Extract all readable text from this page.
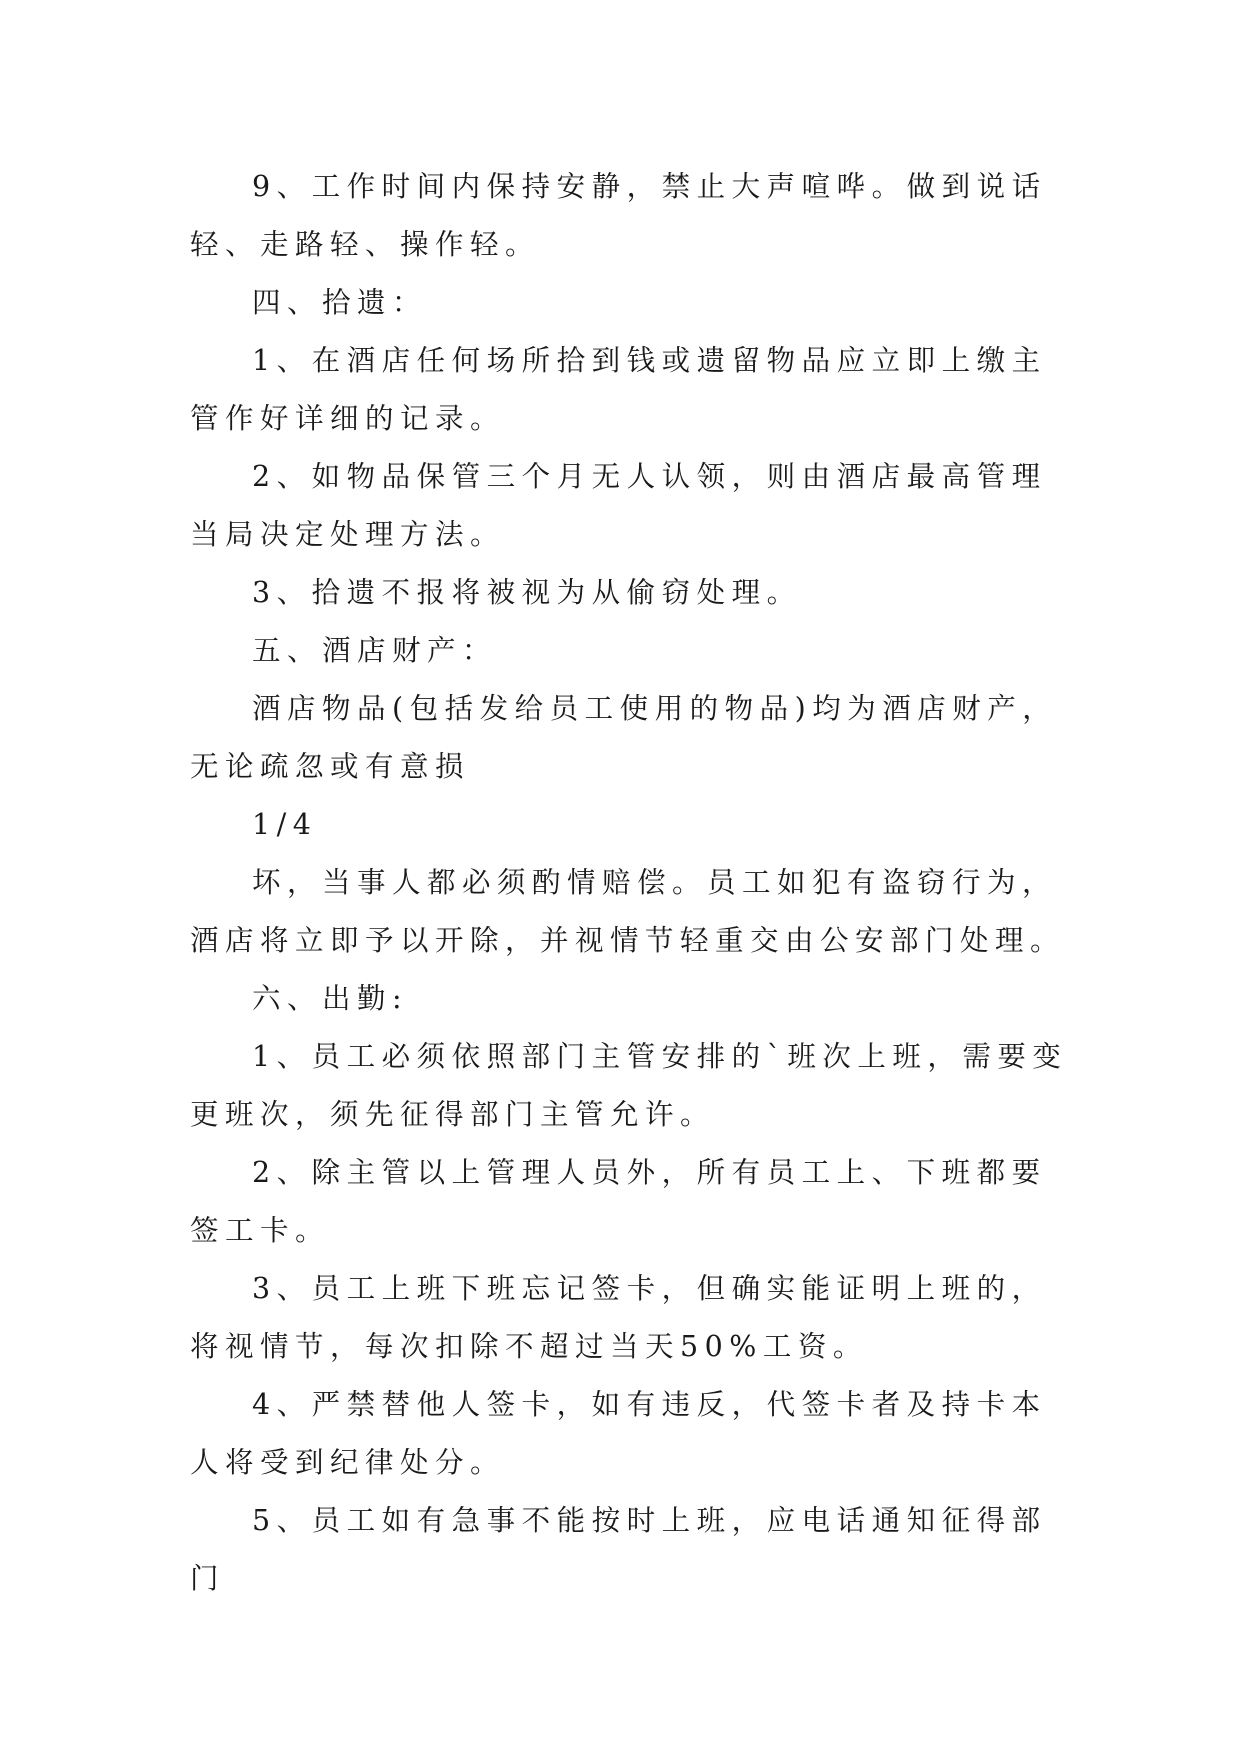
9、工作时间内保持安静，禁止大声喧哗。做到说话轻、走路轻、操作轻。

四、拾遗：

1、在酒店任何场所拾到钱或遗留物品应立即上缴主管作好详细的记录。

2、如物品保管三个月无人认领，则由酒店最高管理当局决定处理方法。

3、拾遗不报将被视为从偷窃处理。

五、酒店财产：

酒店物品(包括发给员工使用的物品)均为酒店财产，无论疏忽或有意损

1/4

坏，当事人都必须酌情赔偿。员工如犯有盗窃行为，酒店将立即予以开除，并视情节轻重交由公安部门处理。

六、出勤:

1、员工必须依照部门主管安排的`班次上班，需要变更班次，须先征得部门主管允许。

2、除主管以上管理人员外，所有员工上、下班都要签工卡。

3、员工上班下班忘记签卡，但确实能证明上班的，将视情节，每次扣除不超过当天50%工资。

4、严禁替他人签卡，如有违反，代签卡者及持卡本人将受到纪律处分。

5、员工如有急事不能按时上班，应电话通知征得部门
